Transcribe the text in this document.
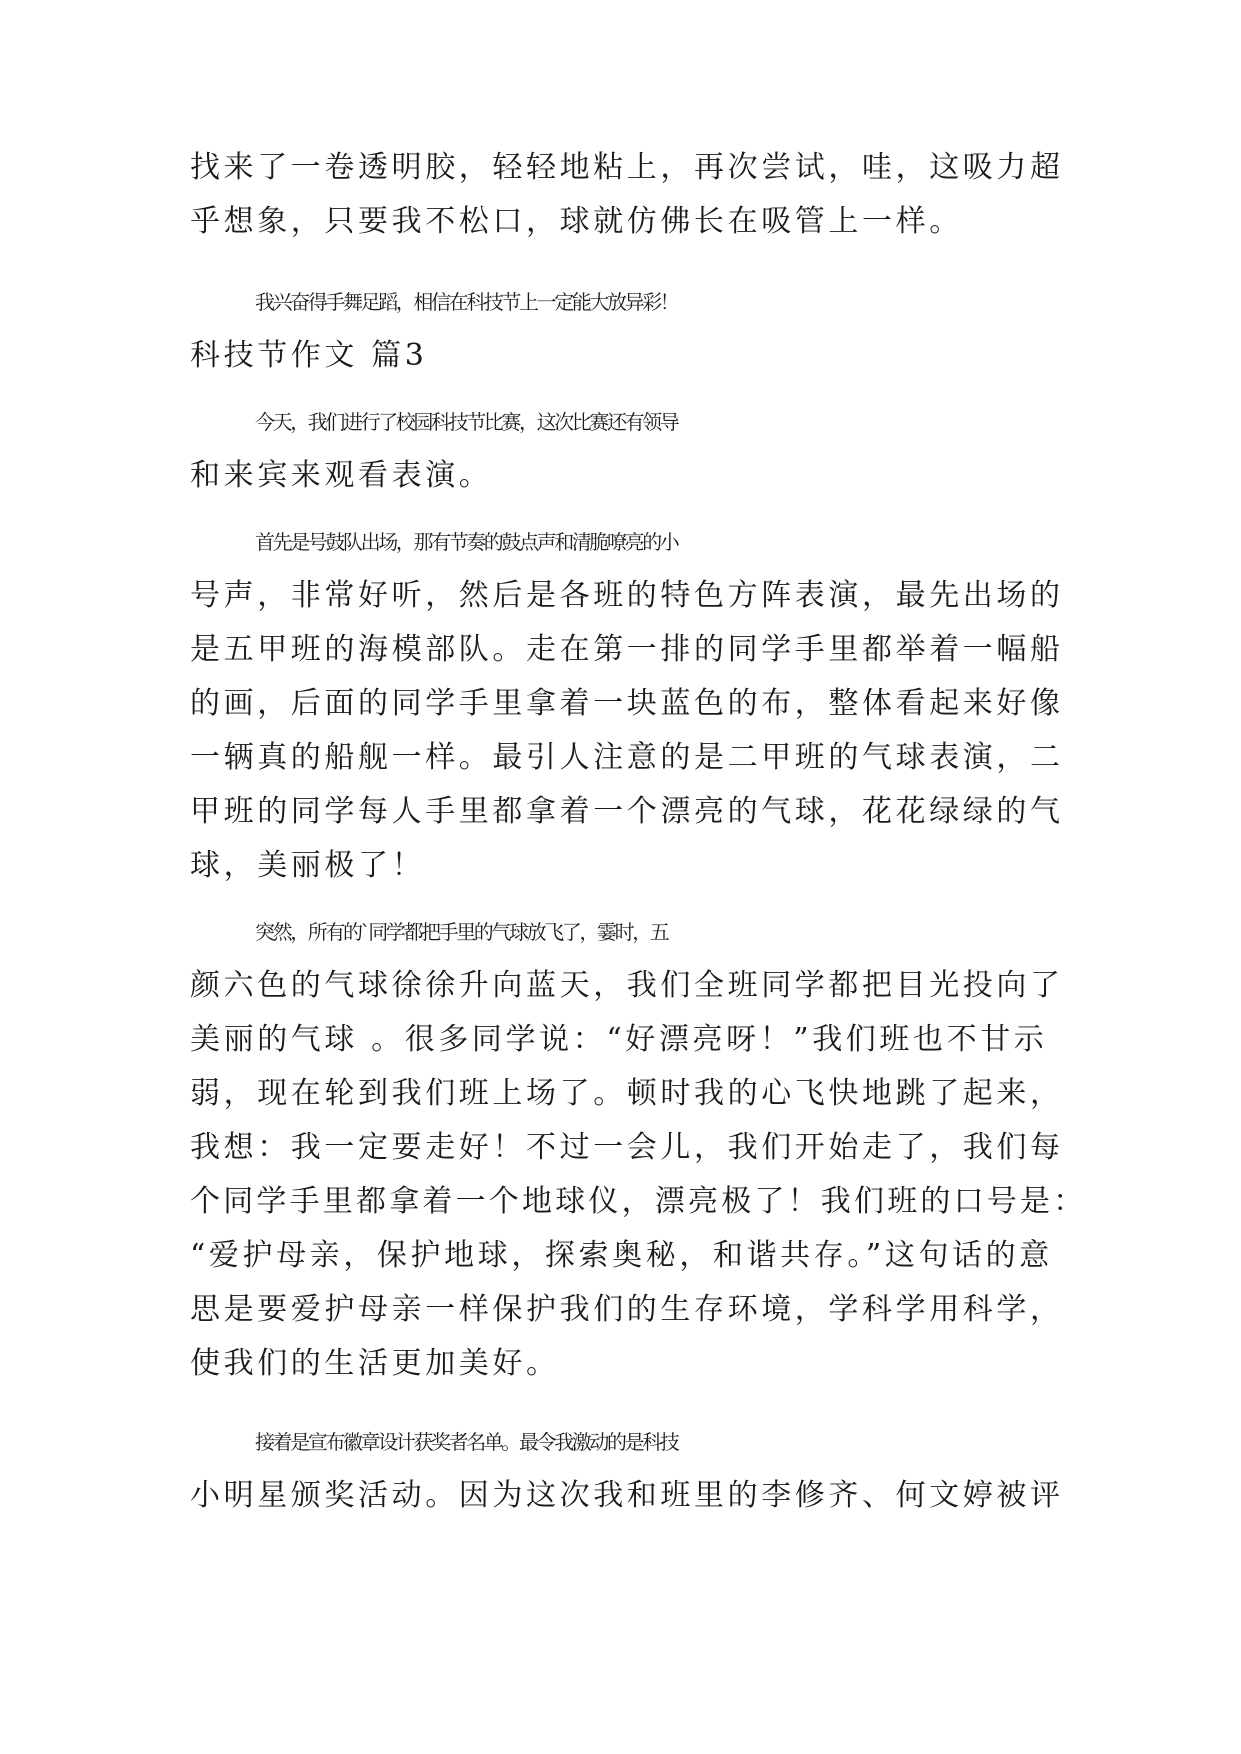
找来了一卷透明胶，轻轻地粘上，再次尝试，哇，这吸力超
乎想象，只要我不松口，球就仿佛长在吸管上一样。
我兴奋得手舞足蹈，相信在科技节上一定能大放异彩！
科技节作文 篇3
今天，我们进行了校园科技节比赛，这次比赛还有领导
和来宾来观看表演。
首先是号鼓队出场，那有节奏的鼓点声和清脆嘹亮的小
号声，非常好听，然后是各班的特色方阵表演，最先出场的
是五甲班的海模部队。走在第一排的同学手里都举着一幅船
的画，后面的同学手里拿着一块蓝色的布，整体看起来好像
一辆真的船舰一样。最引人注意的是二甲班的气球表演，二
甲班的同学每人手里都拿着一个漂亮的气球，花花绿绿的气
球，美丽极了！
突然，所有的`同学都把手里的气球放飞了，霎时，五
颜六色的气球徐徐升向蓝天，我们全班同学都把目光投向了
美丽的气球 。很多同学说：“好漂亮呀！”我们班也不甘示
弱，现在轮到我们班上场了。顿时我的心飞快地跳了起来，
我想：我一定要走好！不过一会儿，我们开始走了，我们每
个同学手里都拿着一个地球仪，漂亮极了！我们班的口号是：
“爱护母亲，保护地球，探索奥秘，和谐共存。”这句话的意
思是要爱护母亲一样保护我们的生存环境，学科学用科学，
使我们的生活更加美好。
接着是宣布徽章设计获奖者名单。最令我激动的是科技
小明星颁奖活动。因为这次我和班里的李修齐、何文婷被评
